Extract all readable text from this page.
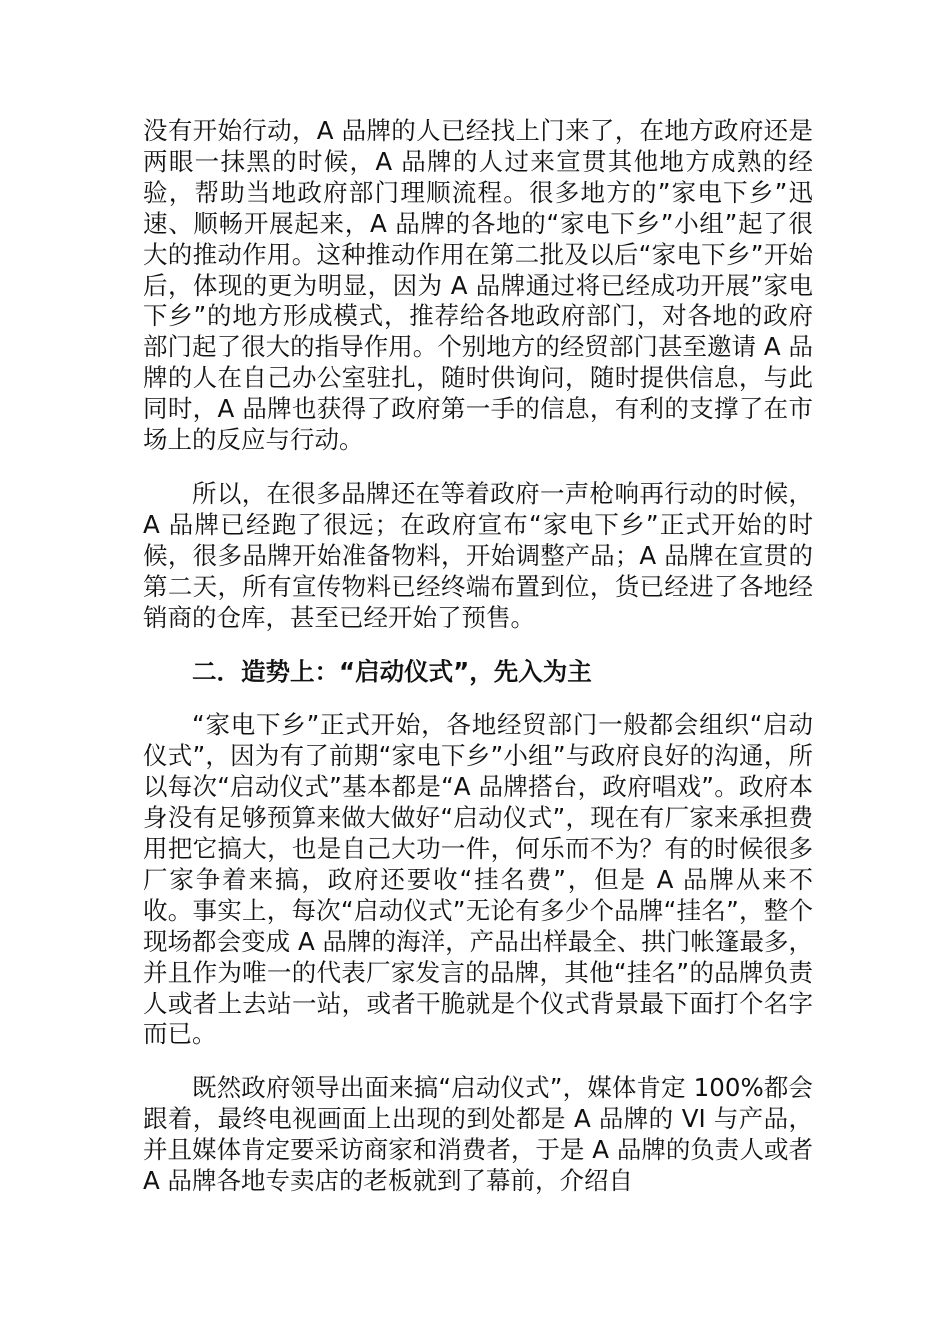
没有开始行动，A 品牌的人已经找上门来了，在地方政府还是两眼一抹黑的时候，A 品牌的人过来宣贯其他地方成熟的经验，帮助当地政府部门理顺流程。很多地方的”家电下乡”迅速、顺畅开展起来，A 品牌的各地的“家电下乡”小组”起了很大的推动作用。这种推动作用在第二批及以后“家电下乡”开始后，体现的更为明显，因为 A 品牌通过将已经成功开展”家电下乡”的地方形成模式，推荐给各地政府部门，对各地的政府部门起了很大的指导作用。个别地方的经贸部门甚至邀请 A 品牌的人在自己办公室驻扎，随时供询问，随时提供信息，与此同时，A 品牌也获得了政府第一手的信息，有利的支撑了在市场上的反应与行动。

所以，在很多品牌还在等着政府一声枪响再行动的时候，A 品牌已经跑了很远；在政府宣布“家电下乡”正式开始的时候，很多品牌开始准备物料，开始调整产品；A 品牌在宣贯的第二天，所有宣传物料已经终端布置到位，货已经进了各地经销商的仓库，甚至已经开始了预售。

二．造势上：“启动仪式”，先入为主

“家电下乡”正式开始，各地经贸部门一般都会组织“启动仪式”，因为有了前期“家电下乡”小组”与政府良好的沟通，所以每次“启动仪式”基本都是“A 品牌搭台，政府唱戏”。政府本身没有足够预算来做大做好“启动仪式”，现在有厂家来承担费用把它搞大，也是自己大功一件，何乐而不为？有的时候很多厂家争着来搞，政府还要收“挂名费”，但是 A 品牌从来不收。事实上，每次“启动仪式”无论有多少个品牌“挂名”，整个现场都会变成 A 品牌的海洋，产品出样最全、拱门帐篷最多，并且作为唯一的代表厂家发言的品牌，其他“挂名”的品牌负责人或者上去站一站，或者干脆就是个仪式背景最下面打个名字而已。

既然政府领导出面来搞“启动仪式”，媒体肯定 100%都会跟着，最终电视画面上出现的到处都是 A 品牌的 VI 与产品，并且媒体肯定要采访商家和消费者，于是 A 品牌的负责人或者 A 品牌各地专卖店的老板就到了幕前，介绍自
